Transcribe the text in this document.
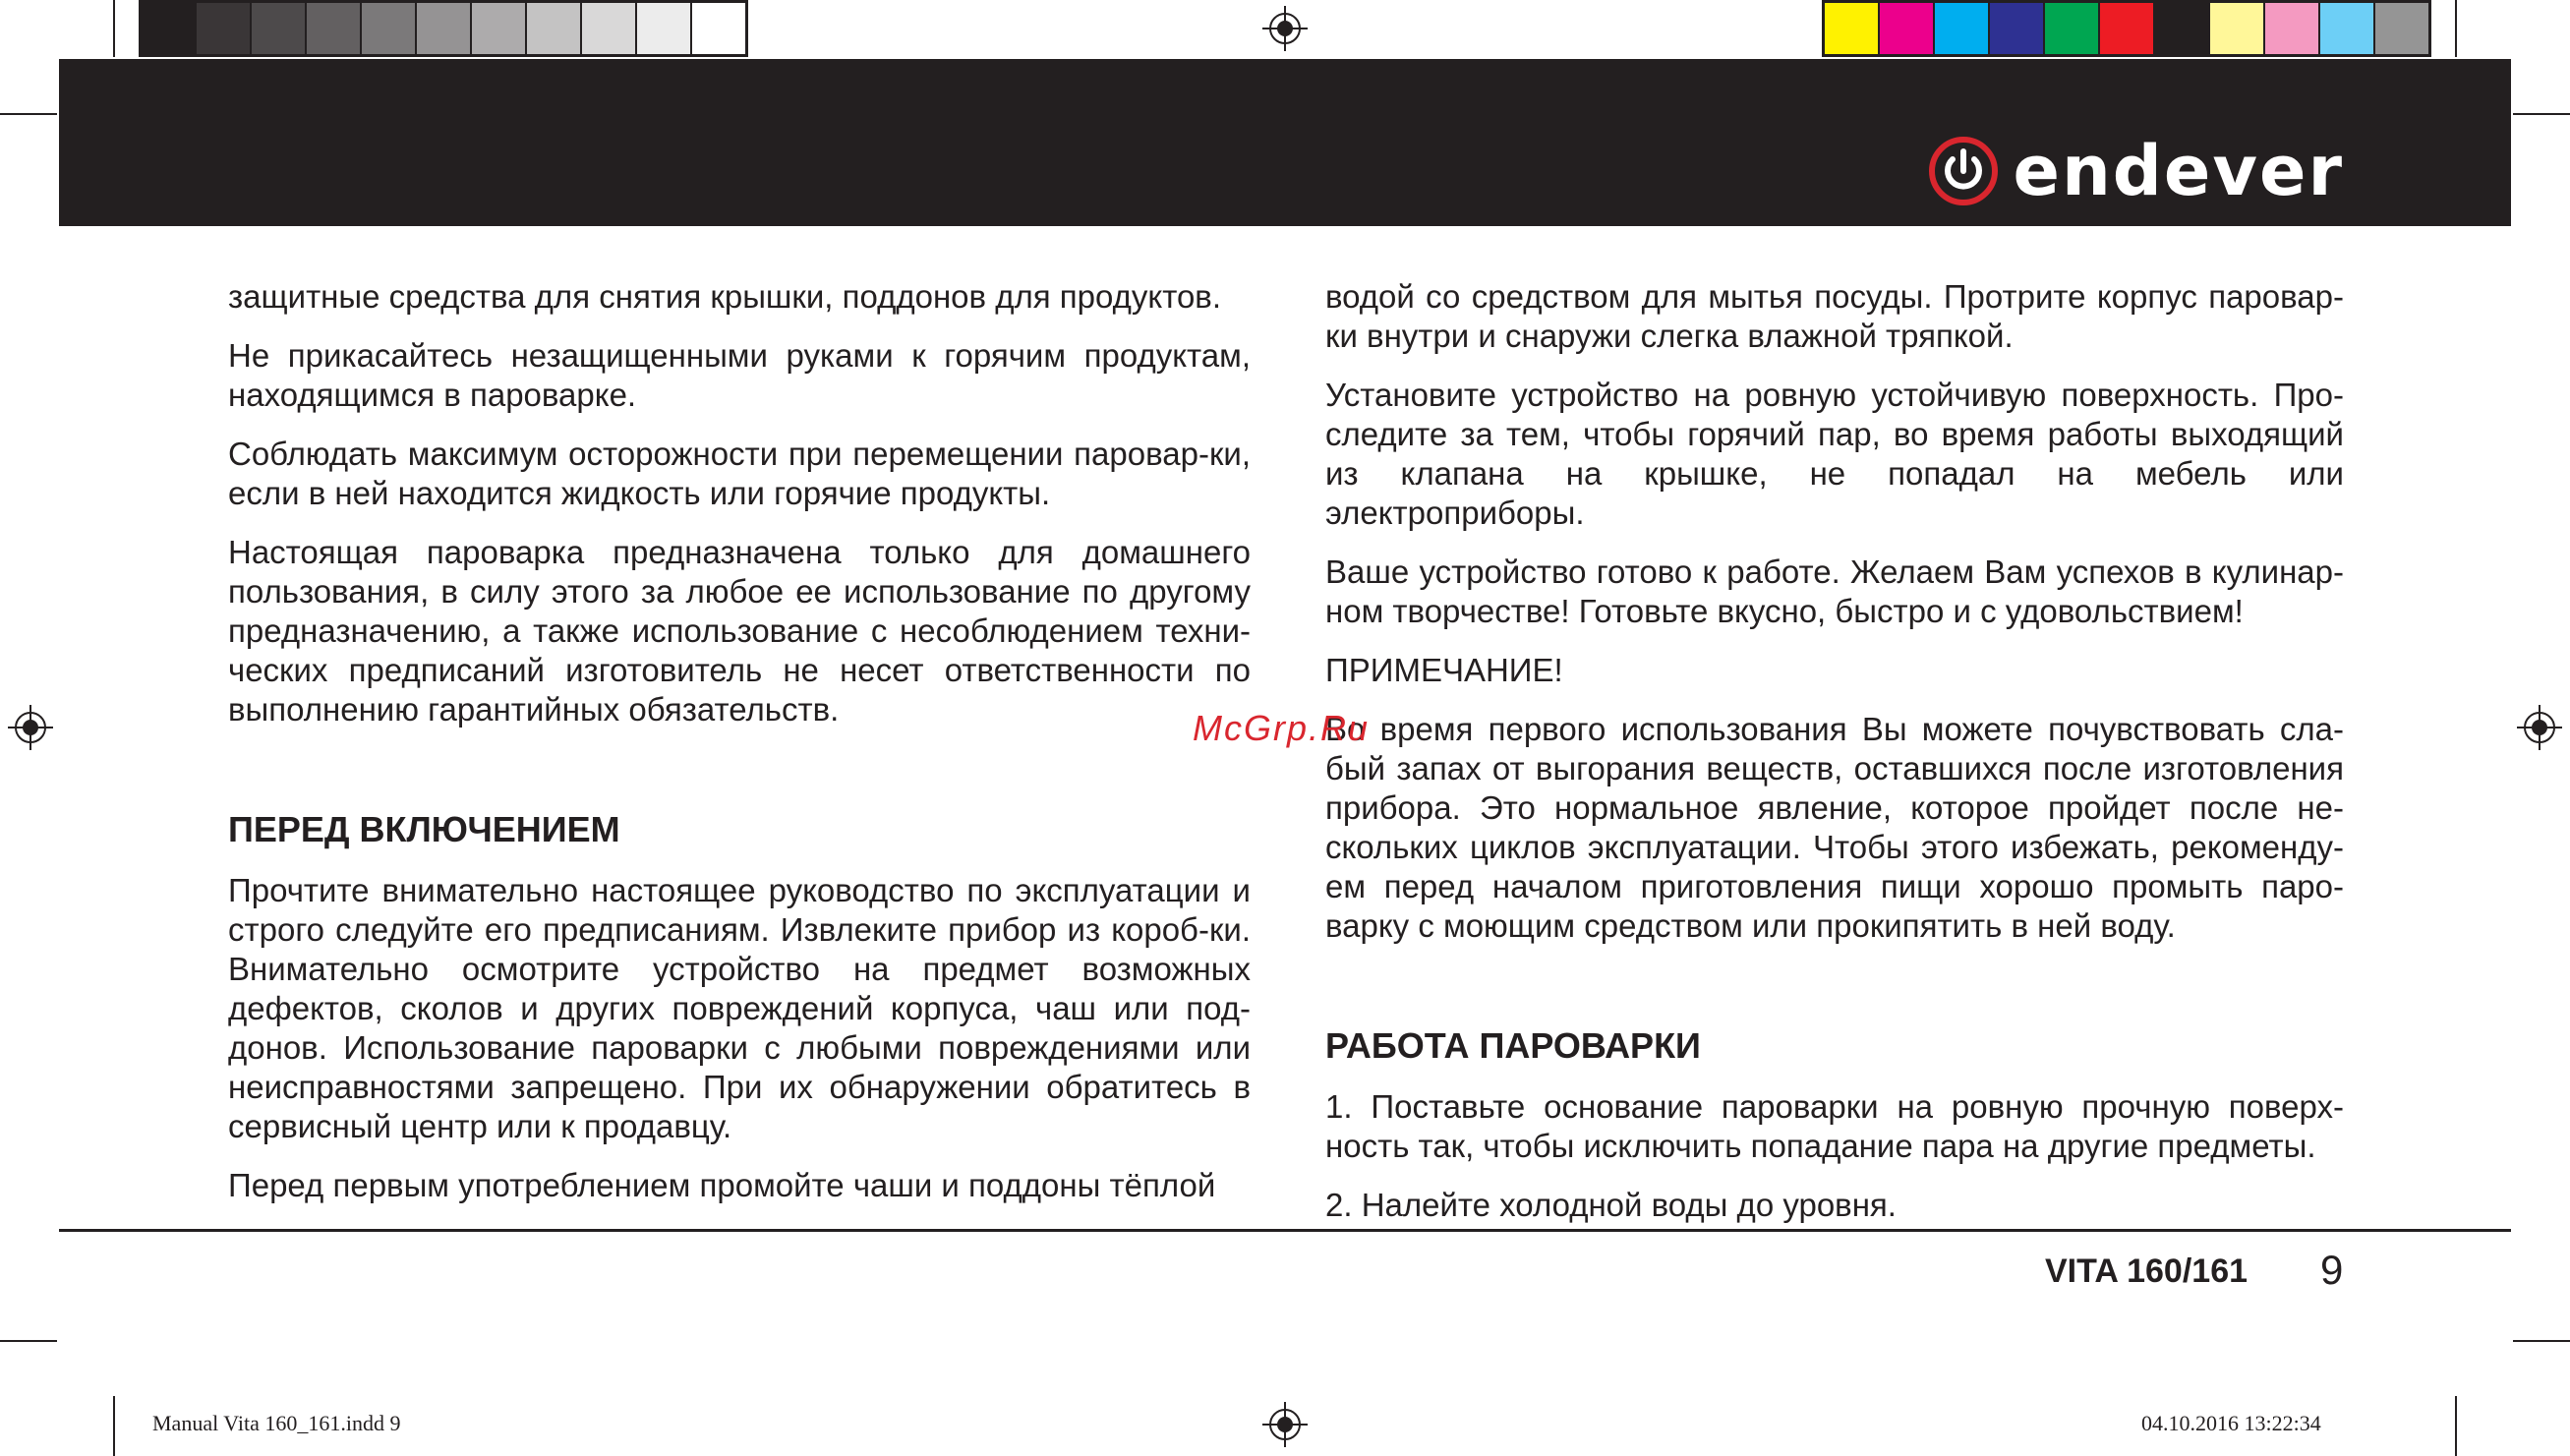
endever

защитные средства для снятия крышки, поддонов для продуктов.

Не прикасайтесь незащищенными руками к горячим продуктам, находящимся в пароварке.

Соблюдать максимум осторожности при перемещении паровар-ки, если в ней находится жидкость или горячие продукты.

Настоящая пароварка предназначена только для домашнего пользования, в силу этого за любое ее использование по другому предназначению, а также использование с несоблюдением техни-ческих предписаний изготовитель не несет ответственности по выполнению гарантийных обязательств.

ПЕРЕД ВКЛЮЧЕНИЕМ

Прочтите внимательно настоящее руководство по эксплуатации и строго следуйте его предписаниям. Извлеките прибор из короб-ки. Внимательно осмотрите устройство на предмет возможных дефектов, сколов и других повреждений корпуса, чаш или под-донов. Использование пароварки с любыми повреждениями или неисправностями запрещено. При их обнаружении обратитесь в сервисный центр или к продавцу.

Перед первым употреблением промойте чаши и поддоны тёплой

водой со средством для мытья посуды. Протрите корпус паровар-ки внутри и снаружи слегка влажной тряпкой.

Установите устройство на ровную устойчивую поверхность. Про-следите за тем, чтобы горячий пар, во время работы выходящий из клапана на крышке, не попадал на мебель или электроприборы.

Ваше устройство готово к работе. Желаем Вам успехов в кулинар-ном творчестве! Готовьте вкусно, быстро и с удовольствием!

ПРИМЕЧАНИЕ!

Во время первого использования Вы можете почувствовать сла-бый запах от выгорания веществ, оставшихся после изготовления прибора. Это нормальное явление, которое пройдет после не-скольких циклов эксплуатации. Чтобы этого избежать, рекоменду-ем перед началом приготовления пищи хорошо промыть паро-варку с моющим средством или прокипятить в ней воду.

РАБОТА ПАРОВАРКИ

1. Поставьте основание пароварки на ровную прочную поверх-ность так, чтобы исключить попадание пара на другие предметы.

2. Налейте холодной воды до уровня.

McGrp.Ru
VITA 160/161 9
Manual Vita 160_161.indd 9	04.10.2016 13:22:34
